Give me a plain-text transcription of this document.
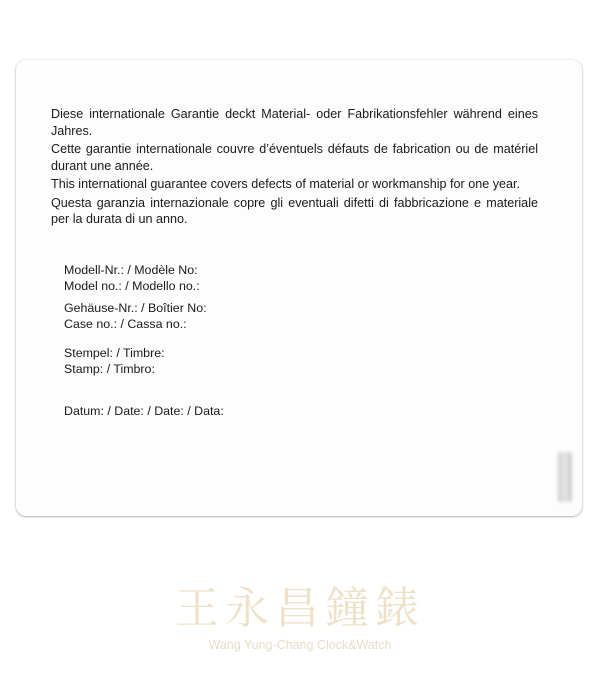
Diese internationale Garantie deckt Material- oder Fabrikationsfehler während eines Jahres.

Cette garantie internationale couvre d’éventuels défauts de fabrication ou de matériel durant une année.

This international guarantee covers defects of material or workmanship for one year.

Questa garanzia internazionale copre gli eventuali difetti di fabbricazione e materiale per la durata di un anno.

Modell-Nr.: / Modèle No:
Model no.: / Modello no.:
Gehäuse-Nr.: / Boîtier No:
Case no.: / Cassa no.:
Stempel: / Timbre:
Stamp: / Timbro:
Datum: / Date: / Date: / Data:
王永昌鐘錶
Wang Yung-Chang Clock&Watch
